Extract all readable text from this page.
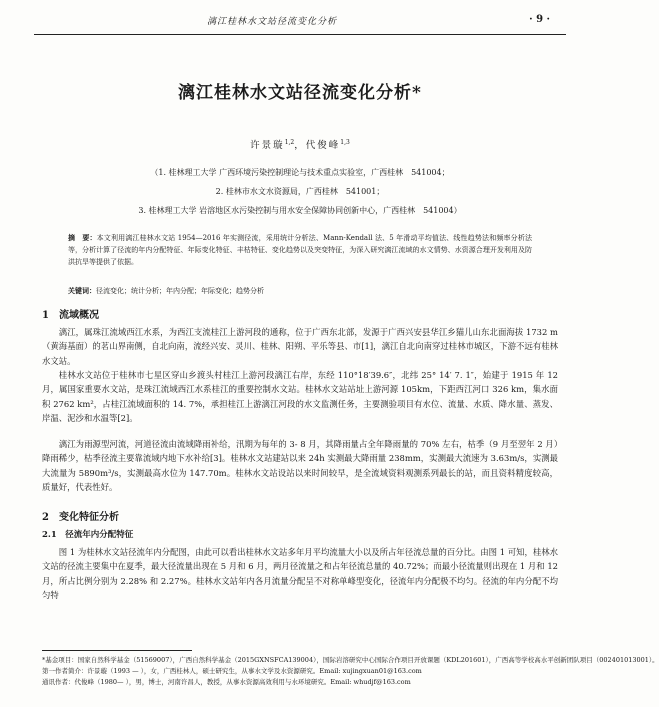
漓江桂林水文站径流变化分析	· 9 ·
漓江桂林水文站径流变化分析*
许景璇$^{1,2}$，代俊峰$^{1,3}$
（1. 桂林理工大学 广西环境污染控制理论与技术重点实验室，广西桂林　541004；
2. 桂林市水文水资源局，广西桂林　541001；
3. 桂林理工大学 岩溶地区水污染控制与用水安全保障协同创新中心，广西桂林　541004）
摘　要：本文利用漓江桂林水文站 1954—2016 年实测径流，采用统计分析法、Mann-Kendall 法、5 年滑动平均值法、线性趋势法和频率分析法等，分析计算了径流的年内分配特征、年际变化特征、丰枯特征、变化趋势以及突变特征，为深入研究漓江流域的水文情势、水资源合理开发利用及防洪抗旱等提供了依据。
关键词：径流变化；统计分析；年内分配；年际变化；趋势分析
1　流域概况
漓江，属珠江流域西江水系，为西江支流桂江上游河段的通称，位于广西东北部，发源于广西兴安县华江乡猫儿山东北面海拔 1732 m（黄海基面）的茗山界南侧，自北向南，流经兴安、灵川、桂林、阳朔、平乐等县、市[1]，漓江自北向南穿过桂林市城区，下游不远有桂林水文站。
桂林水文站位于桂林市七星区穿山乡渡头村桂江上游河段漓江右岸，东经 110°18′39.6″，北纬 25° 14′ 7. 1″，始建于 1915 年 12 月，属国家重要水文站，是珠江流域西江水系桂江的重要控制水文站。桂林水文站站址上游河源 105km，下距西江河口 326 km，集水面积 2762 km²，占桂江流域面积的 14. 7%，承担桂江上游漓江河段的水文监测任务，主要测验项目有水位、流量、水质、降水量、蒸发、岸温、泥沙和水温等[2]。
漓江为雨源型河流，河道径流由流域降雨补给，汛期为每年的 3- 8 月，其降雨量占全年降雨量的 70% 左右，枯季（9 月至翌年 2 月）降雨稀少，枯季径流主要靠流域内地下水补给[3]。桂林水文站建站以来 24h 实测最大降雨量 238mm，实测最大流速为 3.63m/s，实测最大流量为 5890m³/s，实测最高水位为 147.70m。桂林水文站设站以来时间较早，是全流域资料观测系列最长的站，而且资料精度较高，质量好，代表性好。
2　变化特征分析
2.1　径流年内分配特征
图 1 为桂林水文站径流年内分配图，由此可以看出桂林水文站多年月平均流量大小以及所占年径流总量的百分比。由图 1 可知，桂林水文站的径流主要集中在夏季，最大径流量出现在 5 月和 6 月，两月径流量之和占年径流总量的 40.72%；而最小径流量则出现在 1 月和 12 月，所占比例分别为 2.28% 和 2.27%。桂林水文站年内各月流量分配呈不对称单峰型变化，径流年内分配极不均匀。径流的年内分配不均匀特
*基金项目：国家自然科学基金（51569007），广西自然科学基金（2015GXNSFCA139004），国际岩溶研究中心国际合作项目开放课题（KDL201601），广西高等学校高水平创新团队项目（002401013001）。
第一作者简介：许景璇（1993 — ），女，广西桂林人，硕士研究生，从事水文学及水资源研究。Email: xujingxuan01@163.com
通讯作者：代俊峰（1980— ），男，博士，河南许昌人，教授，从事水资源高效利用与水环境研究。Email: whudjf@163.com
